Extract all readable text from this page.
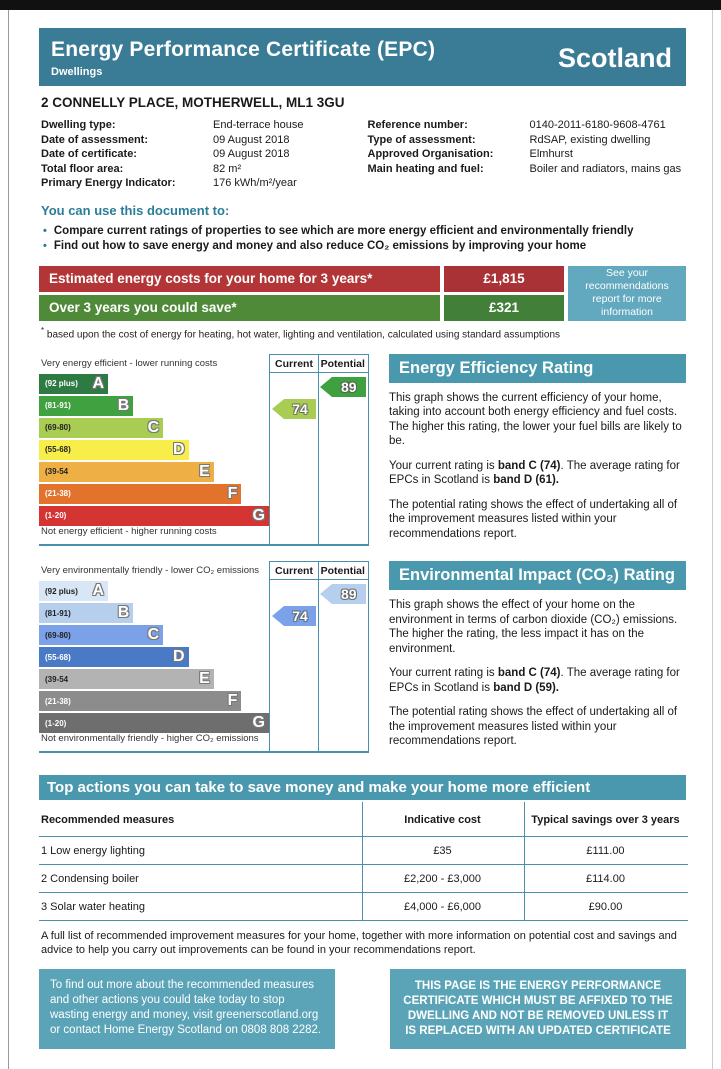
Energy Performance Certificate (EPC)
Dwellings	Scotland
2 CONNELLY PLACE, MOTHERWELL, ML1 3GU
Dwelling type:	End-terrace house
Date of assessment:	09 August 2018
Date of certificate:	09 August 2018
Total floor area:	82 m²
Primary Energy Indicator:	176 kWh/m²/year
Reference number:	0140-2011-6180-9608-4761
Type of assessment:	RdSAP, existing dwelling
Approved Organisation:	Elmhurst
Main heating and fuel:	Boiler and radiators, mains gas
You can use this document to:
• Compare current ratings of properties to see which are more energy efficient and environmentally friendly
• Find out how to save energy and money and also reduce CO₂ emissions by improving your home
Estimated energy costs for your home for 3 years*	£1,815
Over 3 years you could save*	£321
See your recommendations report for more information
* based upon the cost of energy for heating, hot water, lighting and ventilation, calculated using standard assumptions
Very energy efficient - lower running costs
(92 plus) A
(81-91)	B
(69-80)	C
(55-68)	D
(39-54	E
(21-38)	F
(1-20)	G
Not energy efficient - higher running costs
Current
74
Potential
89
Energy Efficiency Rating

This graph shows the current efficiency of your home, taking into account both energy efficiency and fuel costs. The higher this rating, the lower your fuel bills are likely to be.

Your current rating is band C (74). The average rating for EPCs in Scotland is band D (61).

The potential rating shows the effect of undertaking all of the improvement measures listed within your recommendations report.

Very environmentally friendly - lower CO₂ emissions
(92 plus) A
(81-91)	B
(69-80)	C
(55-68)	D
(39-54	E
(21-38)	F
(1-20)	G
Not environmentally friendly - higher CO₂ emissions
Current
74
Potential
89
Environmental Impact (CO₂) Rating

This graph shows the effect of your home on the environment in terms of carbon dioxide (CO₂) emissions. The higher the rating, the less impact it has on the environment.

Your current rating is band C (74). The average rating for EPCs in Scotland is band D (59).

The potential rating shows the effect of undertaking all of the improvement measures listed within your recommendations report.

Top actions you can take to save money and make your home more efficient
Recommended measures	Indicative cost	Typical savings over 3 years
1 Low energy lighting	£35	£111.00
2 Condensing boiler	£2,200 - £3,000	£114.00
3 Solar water heating	£4,000 - £6,000	£90.00
A full list of recommended improvement measures for your home, together with more information on potential cost and savings and advice to help you carry out improvements can be found in your recommendations report.
To find out more about the recommended measures and other actions you could take today to stop wasting energy and money, visit greenerscotland.org or contact Home Energy Scotland on 0808 808 2282.
THIS PAGE IS THE ENERGY PERFORMANCE CERTIFICATE WHICH MUST BE AFFIXED TO THE DWELLING AND NOT BE REMOVED UNLESS IT IS REPLACED WITH AN UPDATED CERTIFICATE
